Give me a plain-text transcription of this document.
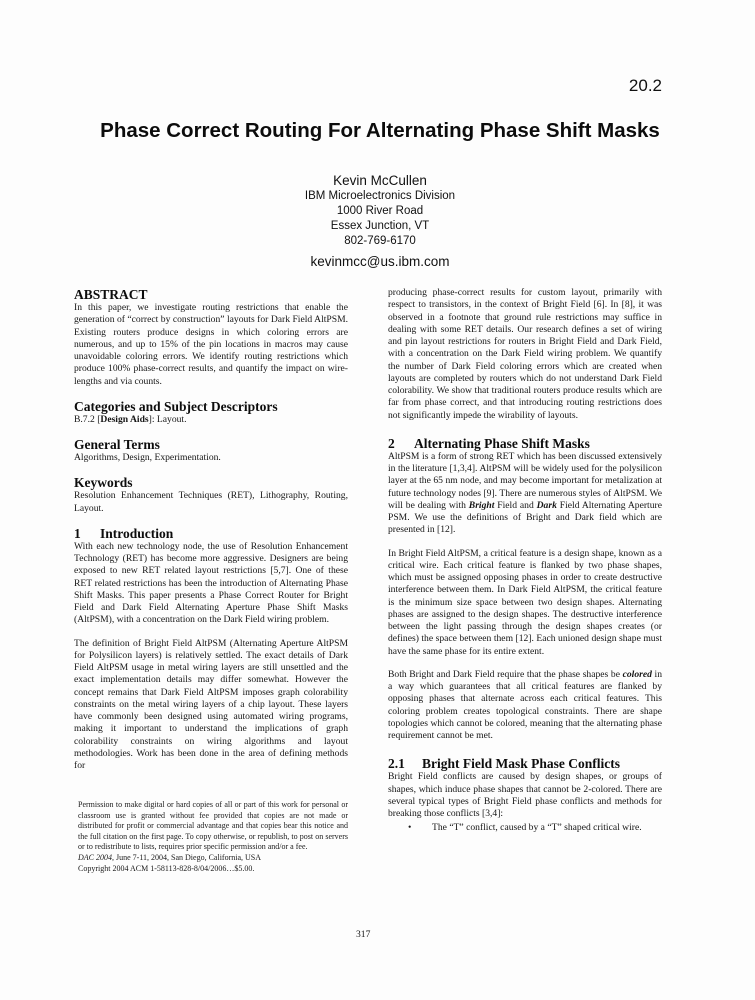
20.2
Phase Correct Routing For Alternating Phase Shift Masks
Kevin McCullen
IBM Microelectronics Division
1000 River Road
Essex Junction, VT
802-769-6170
kevinmcc@us.ibm.com
ABSTRACT

In this paper, we investigate routing restrictions that enable the generation of “correct by construction” layouts for Dark Field AltPSM. Existing routers produce designs in which coloring errors are numerous, and up to 15% of the pin locations in macros may cause unavoidable coloring errors. We identify routing restrictions which produce 100% phase-correct results, and quantify the impact on wire-lengths and via counts.

Categories and Subject Descriptors

B.7.2 [Design Aids]: Layout.

General Terms

Algorithms, Design, Experimentation.

Keywords

Resolution Enhancement Techniques (RET), Lithography, Routing, Layout.

1 Introduction

With each new technology node, the use of Resolution Enhancement Technology (RET) has become more aggressive. Designers are being exposed to new RET related layout restrictions [5,7]. One of these RET related restrictions has been the introduction of Alternating Phase Shift Masks. This paper presents a Phase Correct Router for Bright Field and Dark Field Alternating Aperture Phase Shift Masks (AltPSM), with a concentration on the Dark Field wiring problem.

The definition of Bright Field AltPSM (Alternating Aperture AltPSM for Polysilicon layers) is relatively settled. The exact details of Dark Field AltPSM usage in metal wiring layers are still unsettled and the exact implementation details may differ somewhat. However the concept remains that Dark Field AltPSM imposes graph colorability constraints on the metal wiring layers of a chip layout. These layers have commonly been designed using automated wiring programs, making it important to understand the implications of graph colorability constraints on wiring algorithms and layout methodologies. Work has been done in the area of defining methods for

Permission to make digital or hard copies of all or part of this work for personal or classroom use is granted without fee provided that copies are not made or distributed for profit or commercial advantage and that copies bear this notice and the full citation on the first page. To copy otherwise, or republish, to post on servers or to redistribute to lists, requires prior specific permission and/or a fee.

DAC 2004, June 7-11, 2004, San Diego, California, USA

Copyright 2004 ACM 1-58113-828-8/04/2006…$5.00.

producing phase-correct results for custom layout, primarily with respect to transistors, in the context of Bright Field [6]. In [8], it was observed in a footnote that ground rule restrictions may suffice in dealing with some RET details. Our research defines a set of wiring and pin layout restrictions for routers in Bright Field and Dark Field, with a concentration on the Dark Field wiring problem. We quantify the number of Dark Field coloring errors which are created when layouts are completed by routers which do not understand Dark Field colorability. We show that traditional routers produce results which are far from phase correct, and that introducing routing restrictions does not significantly impede the wirability of layouts.

2 Alternating Phase Shift Masks

AltPSM is a form of strong RET which has been discussed extensively in the literature [1,3,4]. AltPSM will be widely used for the polysilicon layer at the 65 nm node, and may become important for metalization at future technology nodes [9]. There are numerous styles of AltPSM. We will be dealing with Bright Field and Dark Field Alternating Aperture PSM. We use the definitions of Bright and Dark field which are presented in [12].

In Bright Field AltPSM, a critical feature is a design shape, known as a critical wire. Each critical feature is flanked by two phase shapes, which must be assigned opposing phases in order to create destructive interference between them. In Dark Field AltPSM, the critical feature is the minimum size space between two design shapes. Alternating phases are assigned to the design shapes. The destructive interference between the light passing through the design shapes creates (or defines) the space between them [12]. Each unioned design shape must have the same phase for its entire extent.

Both Bright and Dark Field require that the phase shapes be colored in a way which guarantees that all critical features are flanked by opposing phases that alternate across each critical features. This coloring problem creates topological constraints. There are shape topologies which cannot be colored, meaning that the alternating phase requirement cannot be met.

2.1 Bright Field Mask Phase Conflicts

Bright Field conflicts are caused by design shapes, or groups of shapes, which induce phase shapes that cannot be 2-colored. There are several typical types of Bright Field phase conflicts and methods for breaking those conflicts [3,4]:

•	The “T” conflict, caused by a “T” shaped critical wire.
317
